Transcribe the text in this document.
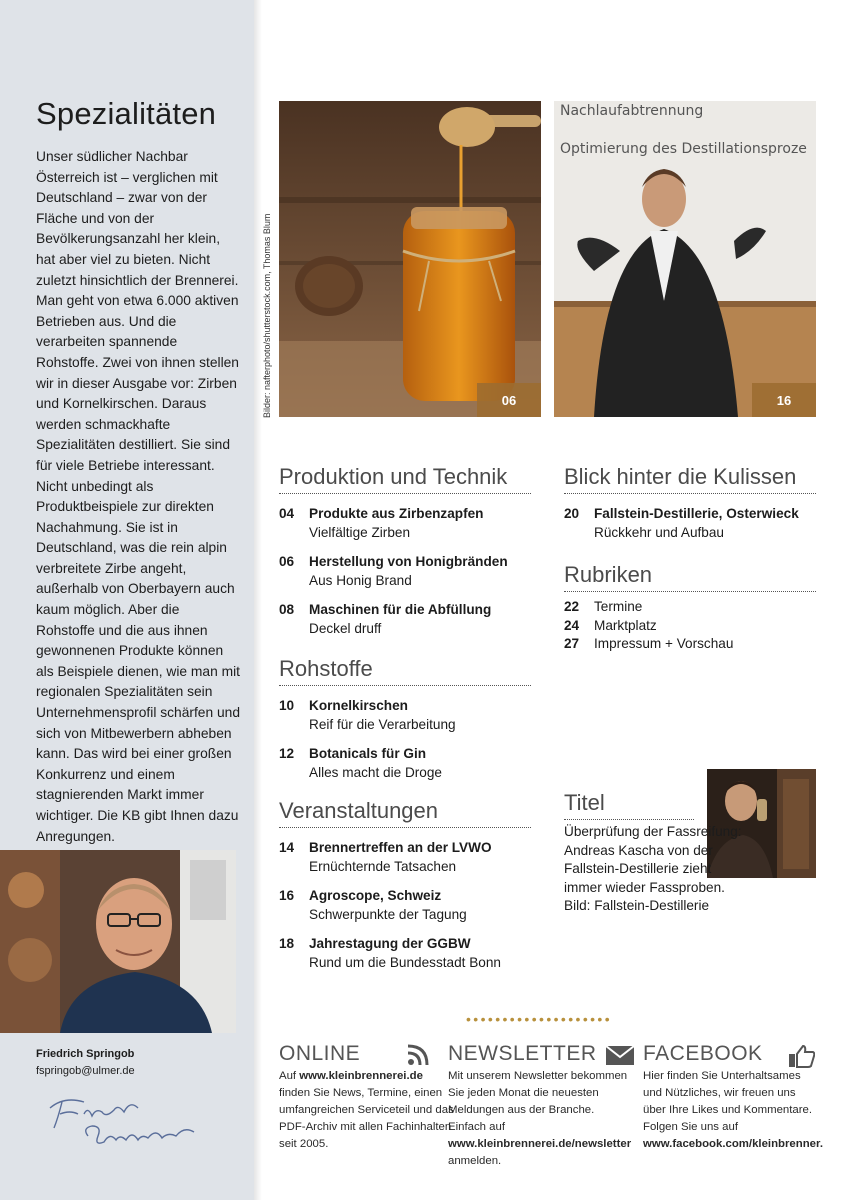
Spezialitäten

Unser südlicher Nachbar Österreich ist – verglichen mit Deutschland – zwar von der Fläche und von der Bevölkerungsanzahl her klein, hat aber viel zu bieten. Nicht zuletzt hinsichtlich der Brennerei. Man geht von etwa 6.000 aktiven Betrieben aus. Und die verarbeiten spannende Rohstoffe. Zwei von ihnen stellen wir in dieser Ausgabe vor: Zirben und Kornelkirschen. Daraus werden schmackhafte Spezialitäten destilliert. Sie sind für viele Betriebe interessant. Nicht unbedingt als Produktbeispiele zur direkten Nachahmung. Sie ist in Deutschland, was die rein alpin verbreitete Zirbe angeht, außerhalb von Oberbayern auch kaum möglich. Aber die Rohstoffe und die aus ihnen gewonnenen Produkte können als Beispiele dienen, wie man mit regionalen Spezialitäten sein Unternehmensprofil schärfen und sich von Mitbewerbern abheben kann. Das wird bei einer großen Konkurrenz und einem stagnierenden Markt immer wichtiger. Die KB gibt Ihnen dazu Anregungen.

Friedrich Springob
fspringob@ulmer.de
Bilder: nafterphoto/shutterstock.com, Thomas Blum	06
Nachlaufabtrennung
Optimierung des Destillationsproze
16
Produktion und Technik
04	Produkte aus Zirbenzapfen
Vielfältige Zirben
06	Herstellung von Honigbränden
Aus Honig Brand
08	Maschinen für die Abfüllung
Deckel druff
Rohstoffe
10	Kornelkirschen
Reif für die Verarbeitung
12	Botanicals für Gin
Alles macht die Droge
Veranstaltungen
14	Brennertreffen an der LVWO
Ernüchternde Tatsachen
16	Agroscope, Schweiz
Schwerpunkte der Tagung
18	Jahrestagung der GGBW
Rund um die Bundesstadt Bonn
Blick hinter die Kulissen
20	Fallstein-Destillerie, Osterwieck
Rückkehr und Aufbau
Rubriken
22	Termine
24	Marktplatz
27	Impressum + Vorschau
Titel

Überprüfung der Fassreifung: Andreas Kascha von der Fallstein-Destillerie zieht immer wieder Fassproben. Bild: Fallstein-Destillerie

••••••••••••••••••••
ONLINE
Auf www.kleinbrennerei.de finden Sie News, Termine, einen umfangreichen Serviceteil und das PDF-Archiv mit allen Fachinhalten seit 2005.
NEWSLETTER
Mit unserem Newsletter bekommen Sie jeden Monat die neuesten Meldungen aus der Branche. Einfach auf www.kleinbrennerei.de/newsletter anmelden.
FACEBOOK
Hier finden Sie Unterhaltsames und Nützliches, wir freuen uns über Ihre Likes und Kommentare. Folgen Sie uns auf www.facebook.com/kleinbrenner.
